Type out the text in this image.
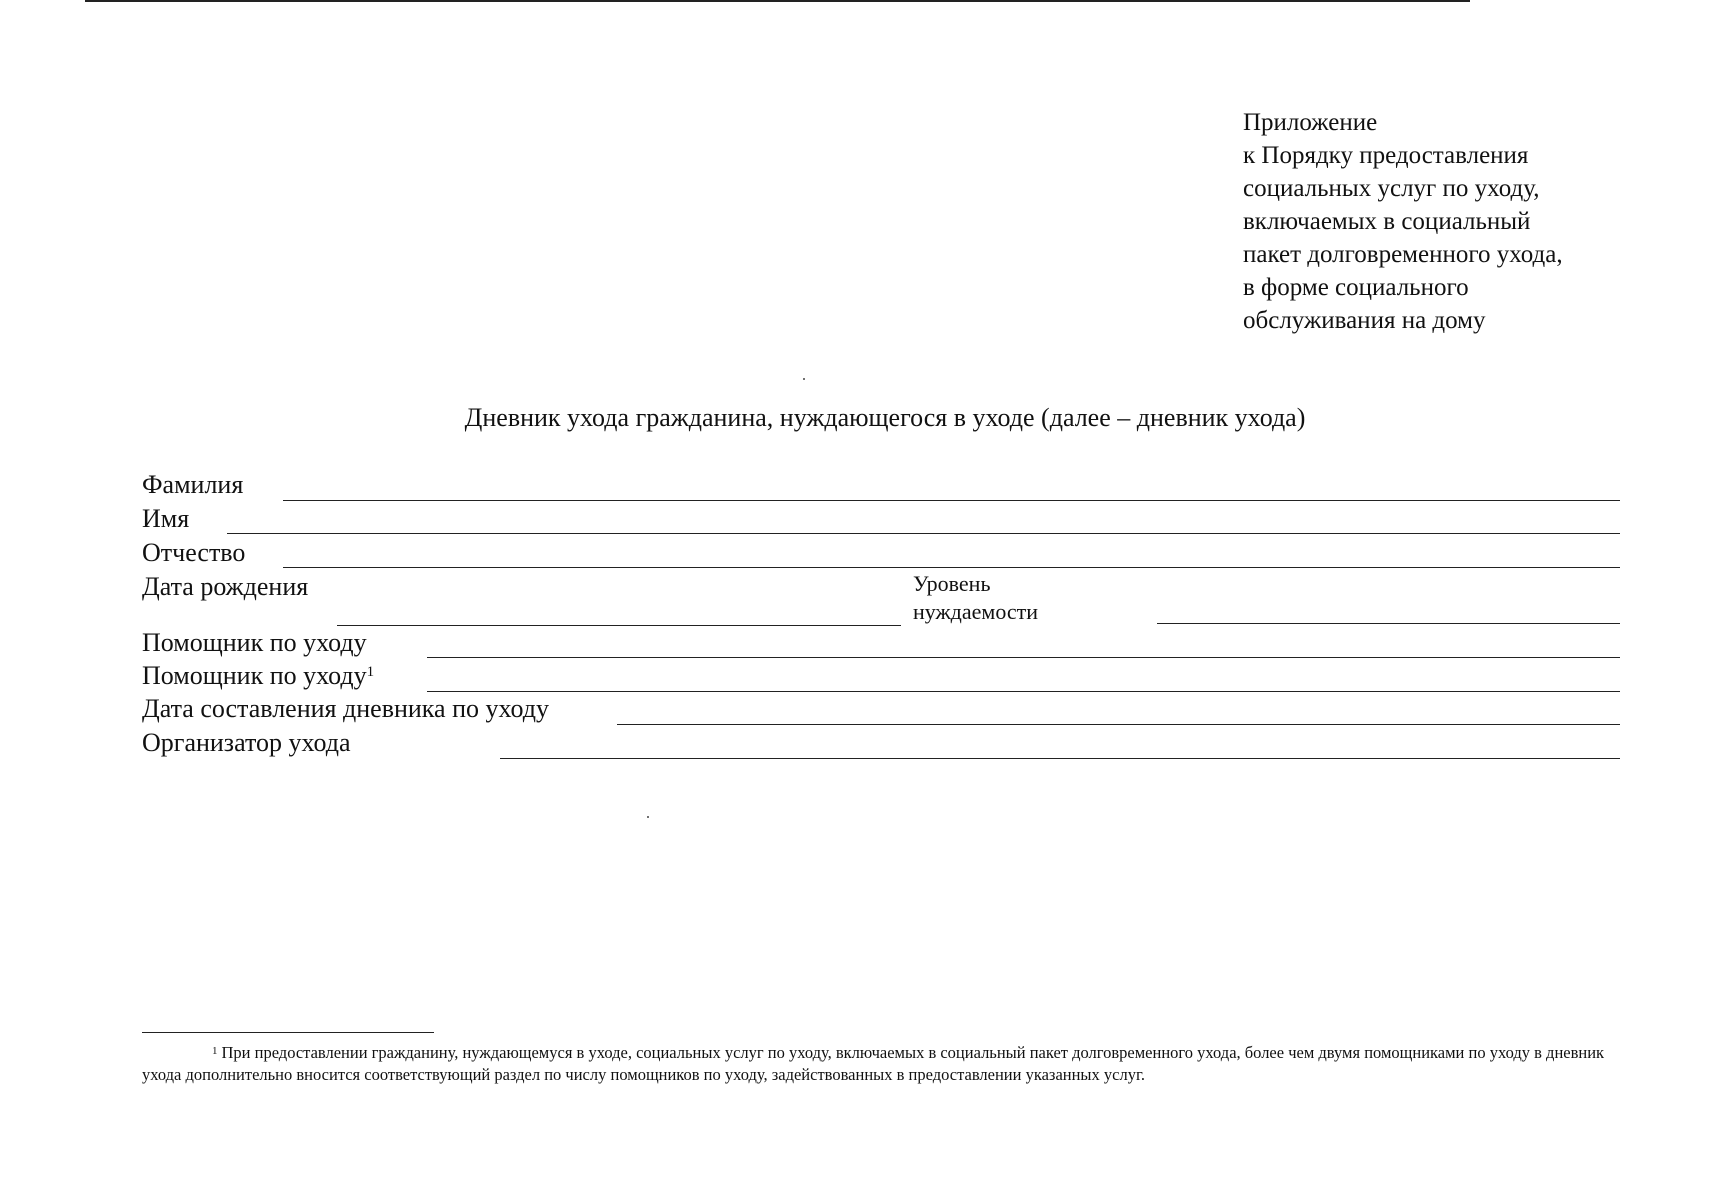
Приложение
к Порядку предоставления
социальных услуг по уходу,
включаемых в социальный
пакет долговременного ухода,
в форме социального
обслуживания на дому
Дневник ухода гражданина, нуждающегося в уходе (далее – дневник ухода)
Фамилия
Имя
Отчество
Дата рождения	Уровень
нуждаемости
Помощник по уходу
Помощник по уходу$^1$
Дата составления дневника по уходу
Организатор ухода
$^1$ При предоставлении гражданину, нуждающемуся в уходе, социальных услуг по уходу, включаемых в социальный пакет долговременного ухода, более чем двумя помощниками по уходу в дневник ухода дополнительно вносится соответствующий раздел по числу помощников по уходу, задействованных в предоставлении указанных услуг.
